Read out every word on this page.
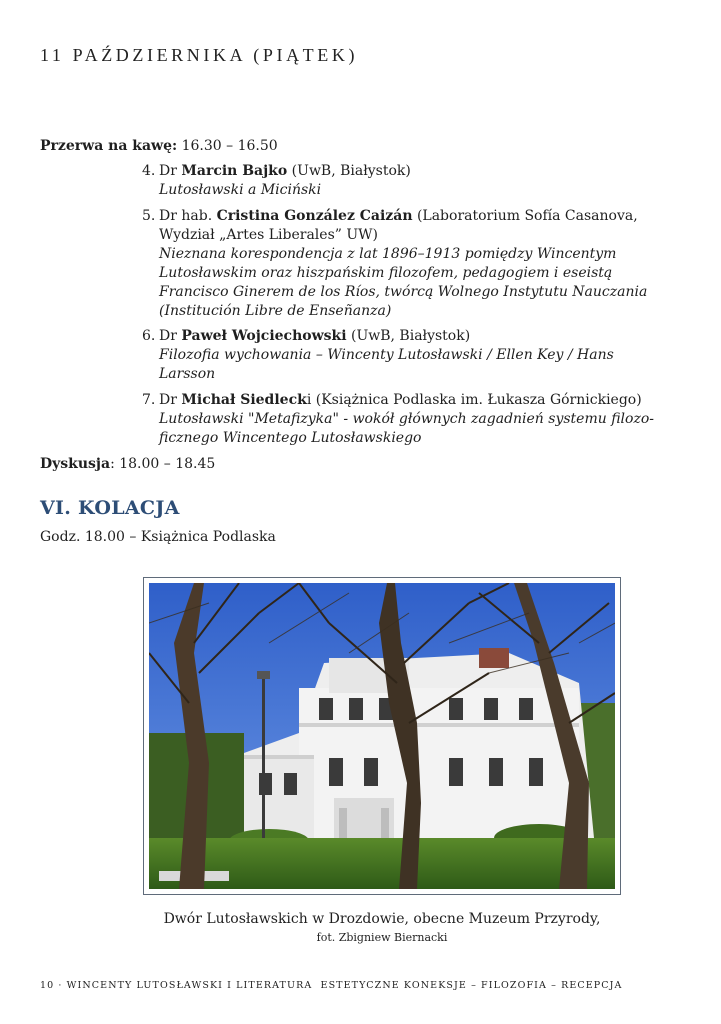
11 PAŹDZIERNIKA (PIĄTEK)
Przerwa na kawę: 16.30 – 16.50
4. Dr Marcin Bajko (UwB, Białystok)
Lutosławski a Miciński
5. Dr hab. Cristina González Caizán (Laboratorium Sofía Casanova,
Wydział „Artes Liberales” UW)
Nieznana korespondencja z lat 1896–1913 pomiędzy Wincentym
Lutosławskim oraz hiszpańskim filozofem, pedagogiem i eseistą
Francisco Ginerem de los Ríos, twórcą Wolnego Instytutu Nauczania
(Institución Libre de Enseñanza)
6. Dr Paweł Wojciechowski (UwB, Białystok)
Filozofia wychowania – Wincenty Lutosławski / Ellen Key / Hans
Larsson
7. Dr Michał Siedlecki (Książnica Podlaska im. Łukasza Górnickiego)
Lutosławski "Metafizyka" - wokół głównych zagadnień systemu filozo-
ficznego Wincentego Lutosławskiego
Dyskusja: 18.00 – 18.45
VI. KOLACJA
Godz. 18.00 – Książnica Podlaska
Dwór Lutosławskich w Drozdowie, obecne Muzeum Przyrody,
fot. Zbigniew Biernacki
10 · WINCENTY LUTOSŁAWSKI I LITERATURA  ESTETYCZNE KONEKSJE – FILOZOFIA – RECEPCJA
